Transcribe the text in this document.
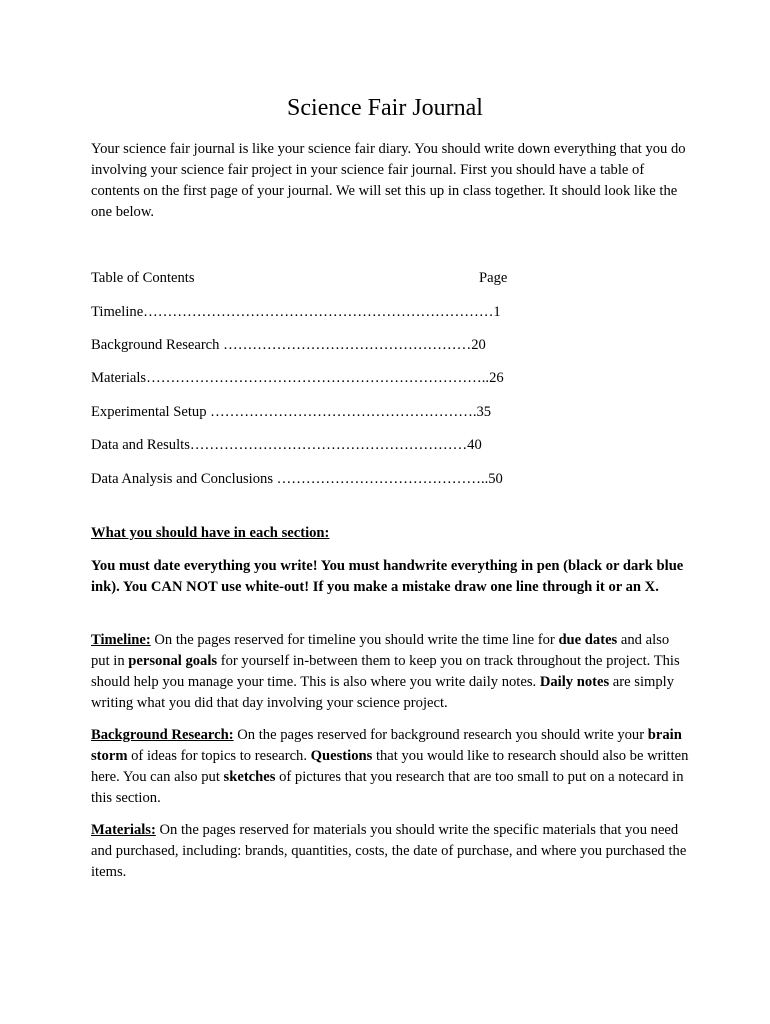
Science Fair Journal

Your science fair journal is like your science fair diary. You should write down everything that you do involving your science fair project in your science fair journal. First you should have a table of contents on the first page of your journal. We will set this up in class together. It should look like the one below.

Table of Contents	Page
Timeline………………………………………………………………1
Background Research ……………………………………………20
Materials……………………………………………………………..26
Experimental Setup ……………………………………………….35
Data and Results…………………………………………………40
Data Analysis and Conclusions ……………………………………..50
What you should have in each section:

You must date everything you write! You must handwrite everything in pen (black or dark blue ink). You CAN NOT use white-out! If you make a mistake draw one line through it or an X.

Timeline: On the pages reserved for timeline you should write the time line for due dates and also put in personal goals for yourself in-between them to keep you on track throughout the project. This should help you manage your time. This is also where you write daily notes. Daily notes are simply writing what you did that day involving your science project.

Background Research: On the pages reserved for background research you should write your brain storm of ideas for topics to research. Questions that you would like to research should also be written here. You can also put sketches of pictures that you research that are too small to put on a notecard in this section.

Materials: On the pages reserved for materials you should write the specific materials that you need and purchased, including: brands, quantities, costs, the date of purchase, and where you purchased the items.
